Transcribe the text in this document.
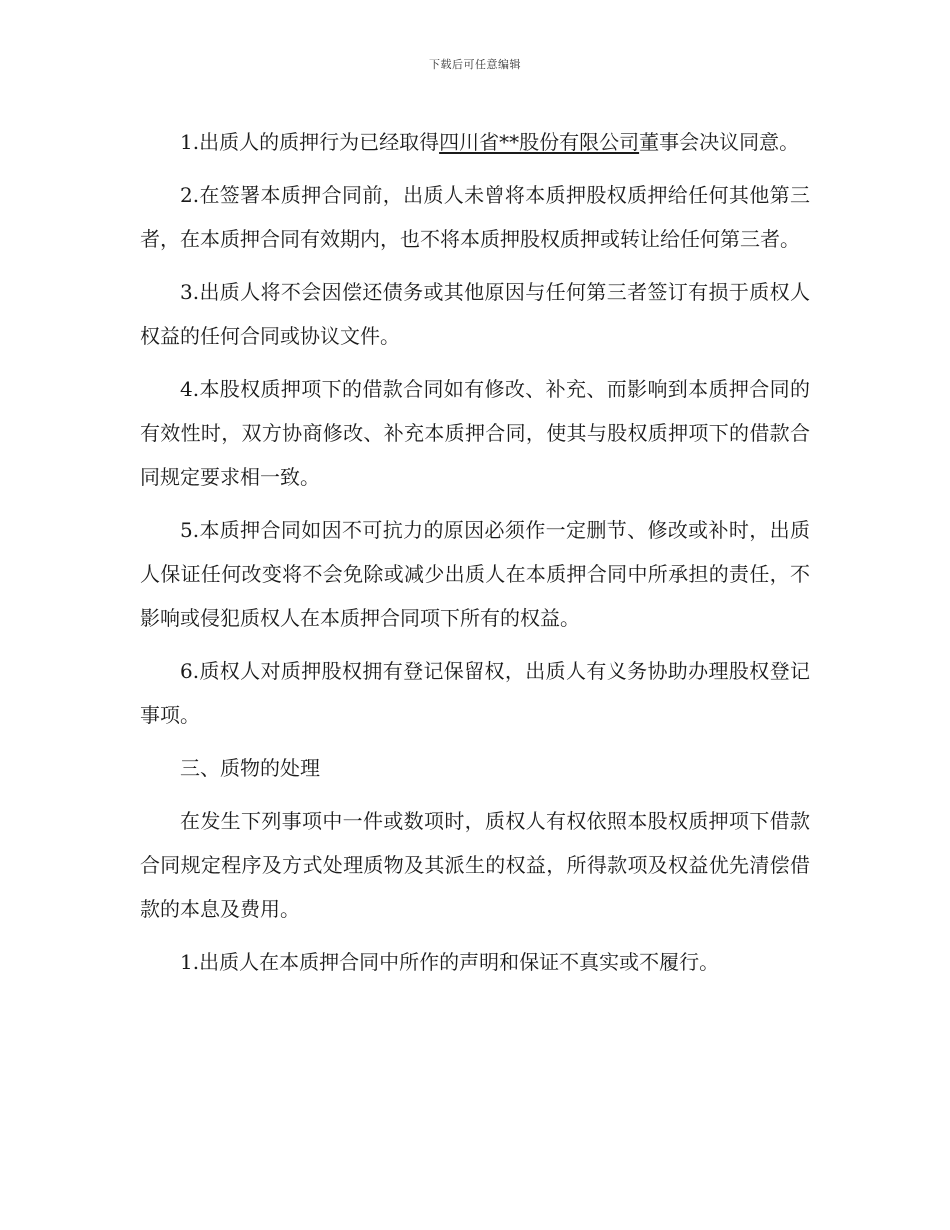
下载后可任意编辑

1.出质人的质押行为已经取得四川省**股份有限公司董事会决议同意。

2.在签署本质押合同前，出质人未曾将本质押股权质押给任何其他第三者，在本质押合同有效期内，也不将本质押股权质押或转让给任何第三者。

3.出质人将不会因偿还债务或其他原因与任何第三者签订有损于质权人权益的任何合同或协议文件。

4.本股权质押项下的借款合同如有修改、补充、而影响到本质押合同的有效性时，双方协商修改、补充本质押合同，使其与股权质押项下的借款合同规定要求相一致。

5.本质押合同如因不可抗力的原因必须作一定删节、修改或补时，出质人保证任何改变将不会免除或减少出质人在本质押合同中所承担的责任，不影响或侵犯质权人在本质押合同项下所有的权益。

6.质权人对质押股权拥有登记保留权，出质人有义务协助办理股权登记事项。

三、质物的处理

在发生下列事项中一件或数项时，质权人有权依照本股权质押项下借款合同规定程序及方式处理质物及其派生的权益，所得款项及权益优先清偿借款的本息及费用。

1.出质人在本质押合同中所作的声明和保证不真实或不履行。
